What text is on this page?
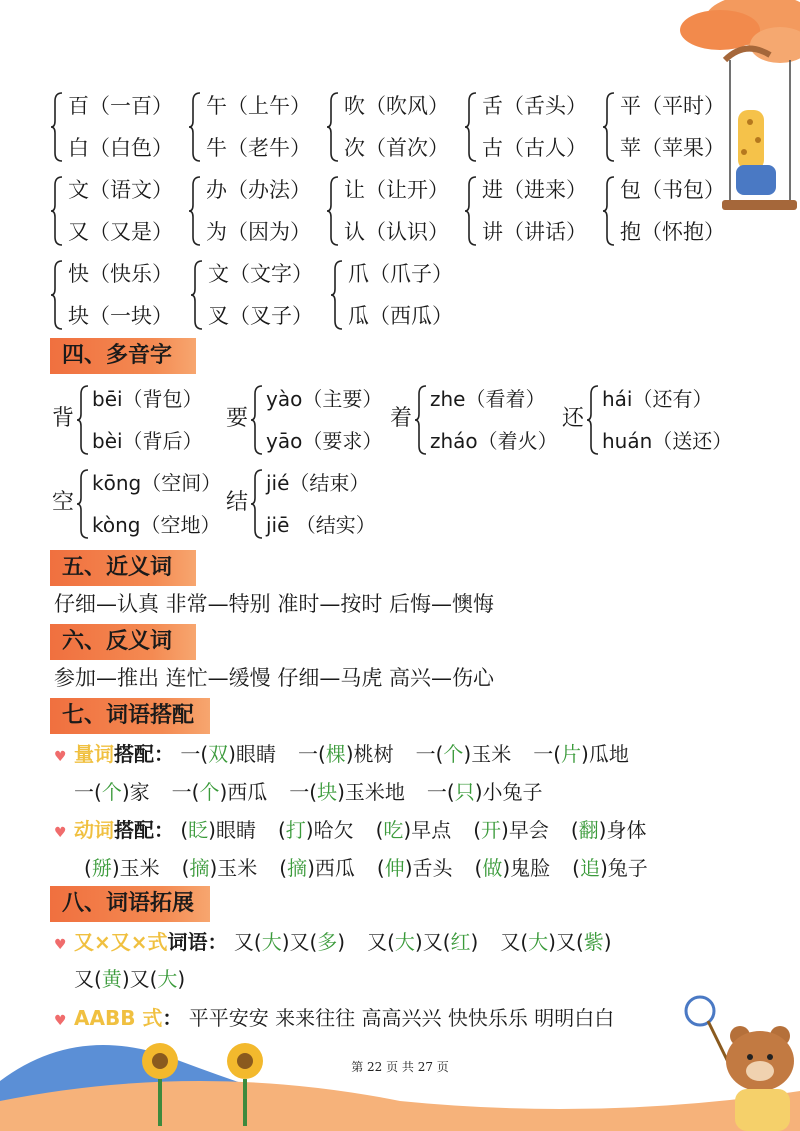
百（一百）
白（白色）
午（上午）
牛（老牛）
吹（吹风）
次（首次）
舌（舌头）
古（古人）
平（平时）
苹（苹果）
文（语文）
又（又是）
办（办法）
为（因为）
让（让开）
认（认识）
进（进来）
讲（讲话）
包（书包）
抱（怀抱）
快（快乐）
块（一块）
文（文字）
叉（叉子）
爪（爪子）
瓜（西瓜）
四、多音字
背
bēi（背包）
bèi（背后）
要
yào（主要）
yāo（要求）
着
zhe（看着）
zháo（着火）
还
hái（还有）
huán（送还）
空
kōng（空间）
kòng（空地）
结
jié（结束）
jiē （结实）
五、近义词
仔细—认真 非常—特别 准时—按时 后悔—懊悔
六、反义词
参加—推出 连忙—缓慢 仔细—马虎 高兴—伤心
七、词语搭配
♥ 量词搭配： 一(双)眼睛 一(棵)桃树 一(个)玉米 一(片)瓜地
一(个)家 一(个)西瓜 一(块)玉米地 一(只)小兔子
♥ 动词搭配： (眨)眼睛 (打)哈欠 (吃)早点 (开)早会 (翻)身体
(掰)玉米 (摘)玉米 (摘)西瓜 (伸)舌头 (做)鬼脸 (追)兔子
八、词语拓展
♥ 又×又×式词语： 又(大)又(多) 又(大)又(红) 又(大)又(紫)
又(黄)又(大)
♥ AABB 式： 平平安安 来来往往 高高兴兴 快快乐乐 明明白白
第 22 页 共 27 页
